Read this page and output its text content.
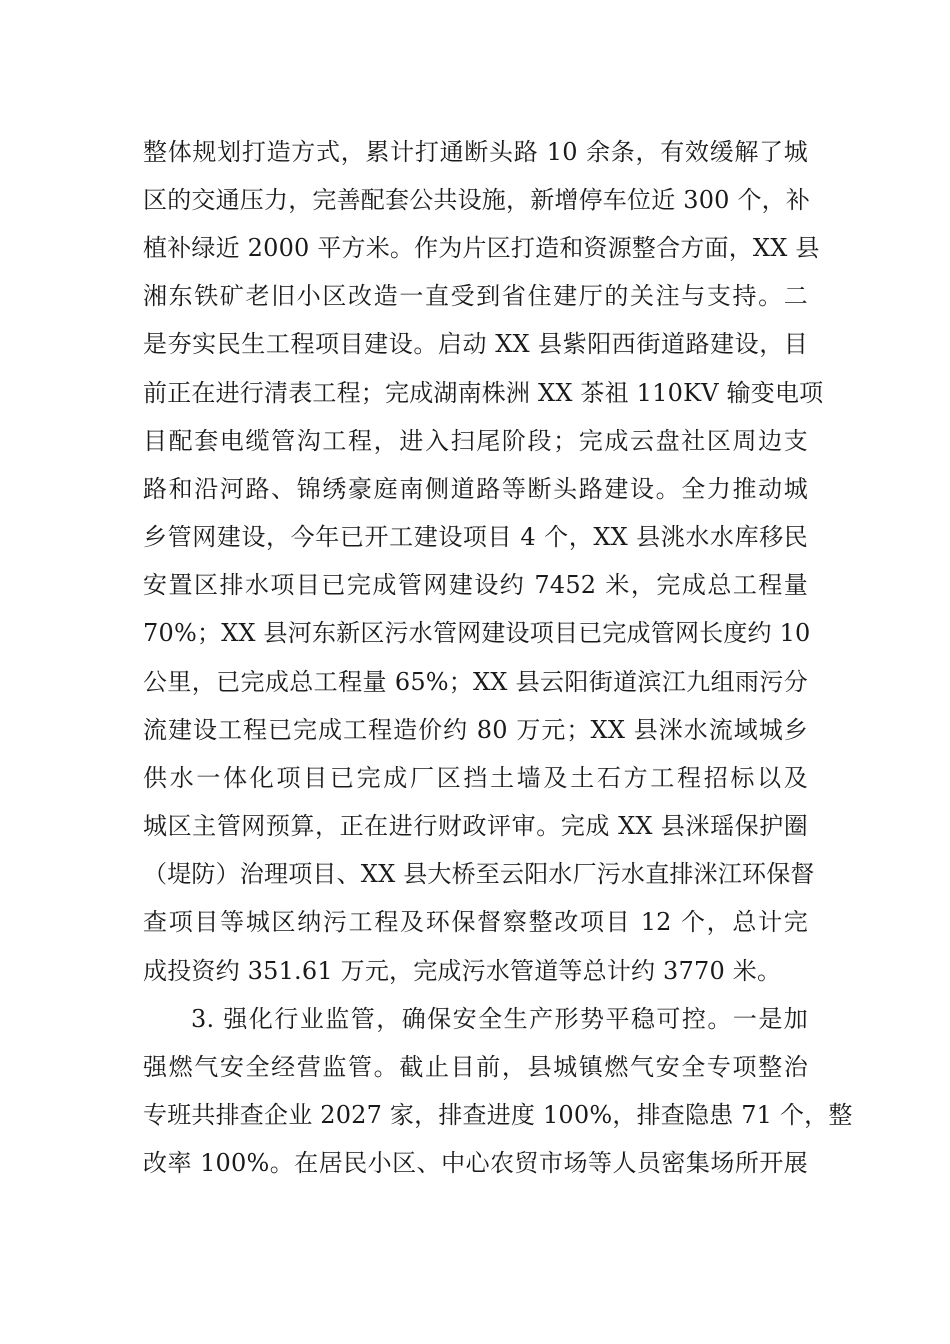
整体规划打造方式，累计打通断头路 10 余条，有效缓解了城
区的交通压力，完善配套公共设施，新增停车位近 300 个，补
植补绿近 2000 平方米。作为片区打造和资源整合方面，XX 县
湘东铁矿老旧小区改造一直受到省住建厅的关注与支持。二
是夯实民生工程项目建设。启动 XX 县紫阳西街道路建设，目
前正在进行清表工程；完成湖南株洲 XX 茶祖 110KV 输变电项
目配套电缆管沟工程，进入扫尾阶段；完成云盘社区周边支
路和沿河路、锦绣豪庭南侧道路等断头路建设。全力推动城
乡管网建设，今年已开工建设项目 4 个，XX 县洮水水库移民
安置区排水项目已完成管网建设约 7452 米，完成总工程量
70%；XX 县河东新区污水管网建设项目已完成管网长度约 10
公里，已完成总工程量 65%；XX 县云阳街道滨江九组雨污分
流建设工程已完成工程造价约 80 万元；XX 县洣水流域城乡
供水一体化项目已完成厂区挡土墙及土石方工程招标以及
城区主管网预算，正在进行财政评审。完成 XX 县洣瑶保护圈
（堤防）治理项目、XX 县大桥至云阳水厂污水直排洣江环保督
查项目等城区纳污工程及环保督察整改项目 12 个，总计完
成投资约 351.61 万元，完成污水管道等总计约 3770 米。
3. 强化行业监管，确保安全生产形势平稳可控。一是加
强燃气安全经营监管。截止目前，县城镇燃气安全专项整治
专班共排查企业 2027 家，排查进度 100%，排查隐患 71 个，整
改率 100%。在居民小区、中心农贸市场等人员密集场所开展
